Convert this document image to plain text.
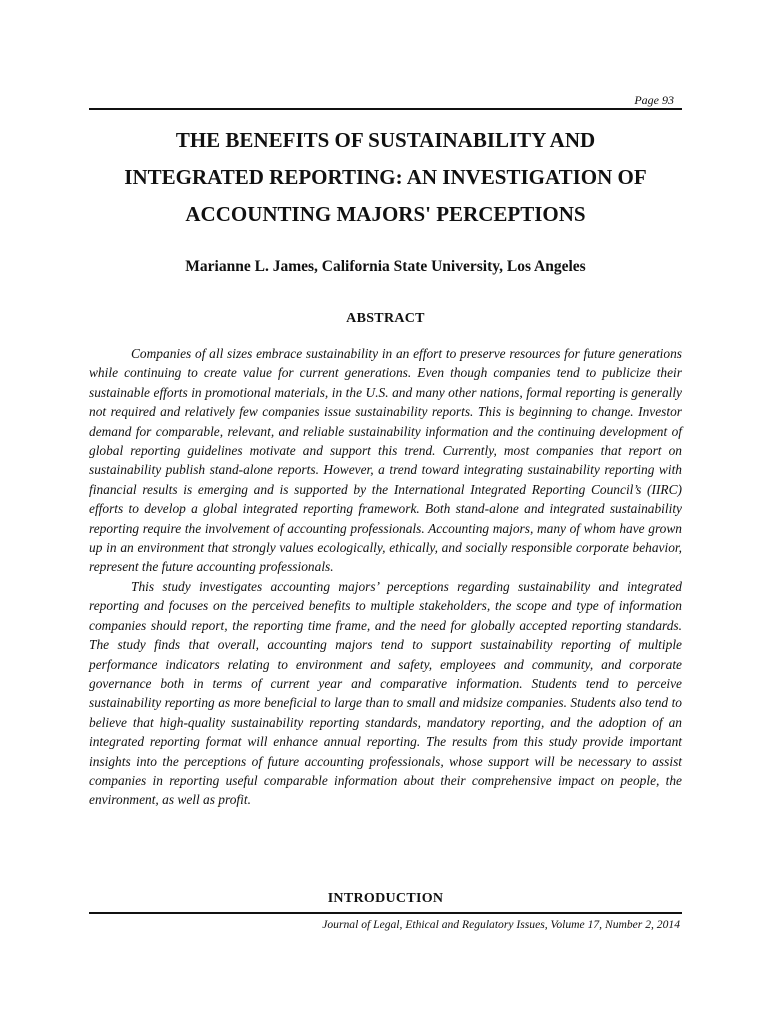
Page 93
THE BENEFITS OF SUSTAINABILITY AND
INTEGRATED REPORTING: AN INVESTIGATION OF
ACCOUNTING MAJORS' PERCEPTIONS

Marianne L. James, California State University, Los Angeles

ABSTRACT

Companies of all sizes embrace sustainability in an effort to preserve resources for future generations while continuing to create value for current generations. Even though companies tend to publicize their sustainable efforts in promotional materials, in the U.S. and many other nations, formal reporting is generally not required and relatively few companies issue sustainability reports. This is beginning to change. Investor demand for comparable, relevant, and reliable sustainability information and the continuing development of global reporting guidelines motivate and support this trend. Currently, most companies that report on sustainability publish stand-alone reports. However, a trend toward integrating sustainability reporting with financial results is emerging and is supported by the International Integrated Reporting Council’s (IIRC) efforts to develop a global integrated reporting framework. Both stand-alone and integrated sustainability reporting require the involvement of accounting professionals. Accounting majors, many of whom have grown up in an environment that strongly values ecologically, ethically, and socially responsible corporate behavior, represent the future accounting professionals.

This study investigates accounting majors’ perceptions regarding sustainability and integrated reporting and focuses on the perceived benefits to multiple stakeholders, the scope and type of information companies should report, the reporting time frame, and the need for globally accepted reporting standards. The study finds that overall, accounting majors tend to support sustainability reporting of multiple performance indicators relating to environment and safety, employees and community, and corporate governance both in terms of current year and comparative information. Students tend to perceive sustainability reporting as more beneficial to large than to small and midsize companies. Students also tend to believe that high-quality sustainability reporting standards, mandatory reporting, and the adoption of an integrated reporting format will enhance annual reporting. The results from this study provide important insights into the perceptions of future accounting professionals, whose support will be necessary to assist companies in reporting useful comparable information about their comprehensive impact on people, the environment, as well as profit.

INTRODUCTION
Journal of Legal, Ethical and Regulatory Issues, Volume 17, Number 2, 2014
